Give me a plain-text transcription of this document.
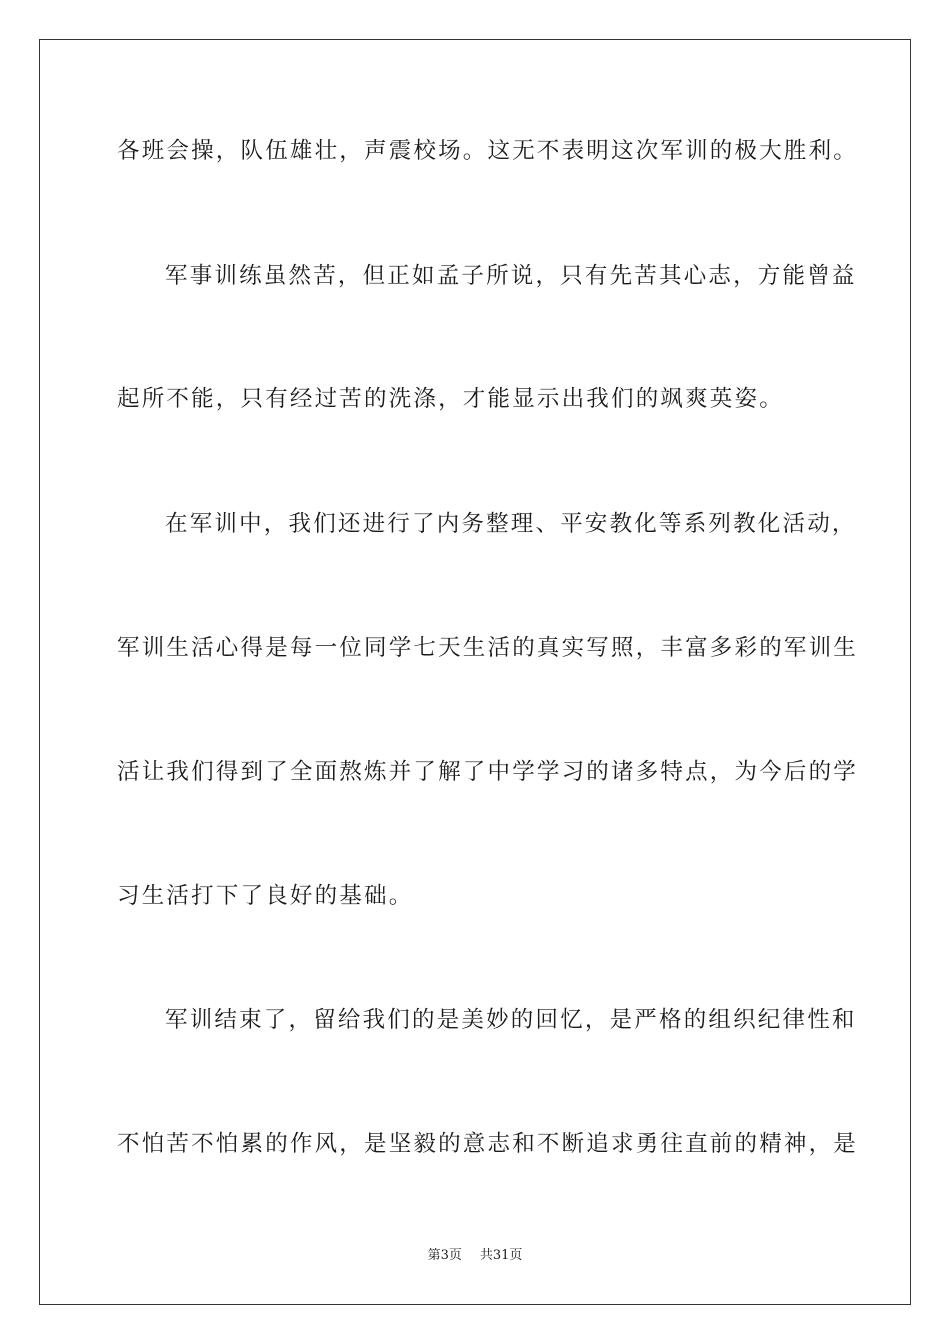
各班会操，队伍雄壮，声震校场。这无不表明这次军训的极大胜利。
军事训练虽然苦，但正如孟子所说，只有先苦其心志，方能曾益
起所不能，只有经过苦的洗涤，才能显示出我们的飒爽英姿。
在军训中，我们还进行了内务整理、平安教化等系列教化活动，
军训生活心得是每一位同学七天生活的真实写照，丰富多彩的军训生
活让我们得到了全面熬炼并了解了中学学习的诸多特点，为今后的学
习生活打下了良好的基础。
军训结束了，留给我们的是美妙的回忆，是严格的组织纪律性和
不怕苦不怕累的作风，是坚毅的意志和不断追求勇往直前的精神，是
第3页 共31页
